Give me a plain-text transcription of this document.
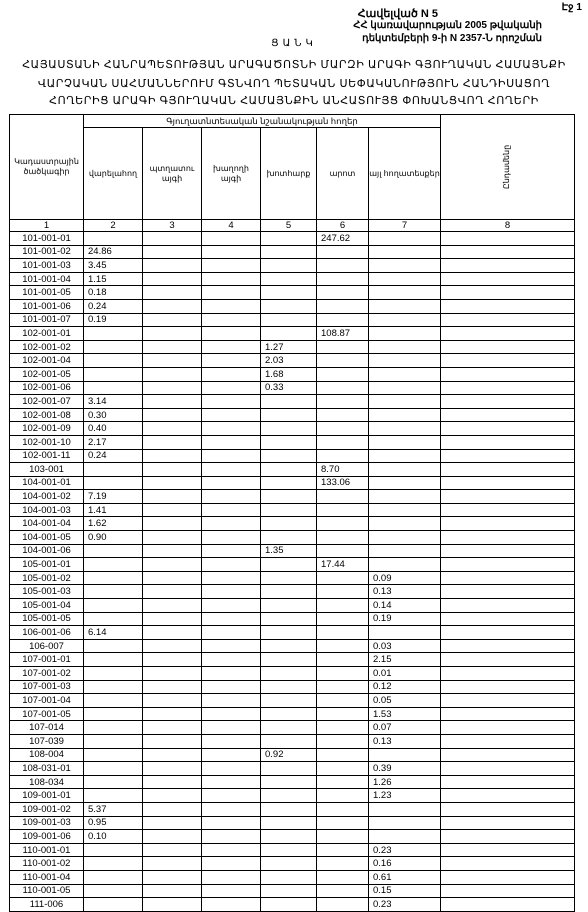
Էջ 1
Հավելված N 5
ՀՀ կառավարության 2005 թվականի
դեկտեմբերի 9-ի N 2357-Ն որոշման
ՑԱՆԿ
ՀԱՅԱՍՏԱՆԻ ՀԱՆՐԱՊԵՏՈՒԹՅԱՆ ԱՐԱԳԱԾՈՏՆԻ ՄԱՐԶԻ ԱՐԱԳԻ ԳՅՈՒՂԱԿԱՆ ՀԱՄԱՅՆՔԻ
ՎԱՐՉԱԿԱՆ ՍԱՀՄԱՆՆԵՐՈՒՄ ԳՏՆՎՈՂ ՊԵՏԱԿԱՆ ՍԵՓԱԿԱՆՈՒԹՅՈՒՆ ՀԱՆԴԻՍԱՑՈՂ
ՀՈՂԵՐԻՑ ԱՐԱԳԻ ԳՅՈՒՂԱԿԱՆ ՀԱՄԱՅՆՔԻՆ ԱՆՀԱՏՈՒՅՑ ՓՈԽԱՆՑՎՈՂ ՀՈՂԵՐԻ
Կադաստրային ծածկագիր	Գյուղատնտեսական նշանակության հողեր						Ընդամենը
	վարելահող	պտղատու այգի	խաղողի այգի	խոտհարք	արոտ	այլ հողատեսքեր	
1	2	3	4	5	6	7	8
101-001-01					247.62		
101-001-02	24.86						
101-001-03	3.45						
101-001-04	1.15						
101-001-05	0.18						
101-001-06	0.24						
101-001-07	0.19						
102-001-01					108.87		
102-001-02				1.27			
102-001-04				2.03			
102-001-05				1.68			
102-001-06				0.33			
102-001-07	3.14						
102-001-08	0.30						
102-001-09	0.40						
102-001-10	2.17						
102-001-11	0.24						
103-001					8.70		
104-001-01					133.06		
104-001-02	7.19						
104-001-03	1.41						
104-001-04	1.62						
104-001-05	0.90						
104-001-06				1.35			
105-001-01					17.44		
105-001-02						0.09	
105-001-03						0.13	
105-001-04						0.14	
105-001-05						0.19	
106-001-06	6.14						
106-007						0.03	
107-001-01						2.15	
107-001-02						0.01	
107-001-03						0.12	
107-001-04						0.05	
107-001-05						1.53	
107-014						0.07	
107-039						0.13	
108-004				0.92			
108-031-01						0.39	
108-034						1.26	
109-001-01						1.23	
109-001-02	5.37						
109-001-03	0.95						
109-001-06	0.10						
110-001-01						0.23	
110-001-02						0.16	
110-001-04						0.61	
110-001-05						0.15	
111-006						0.23	
